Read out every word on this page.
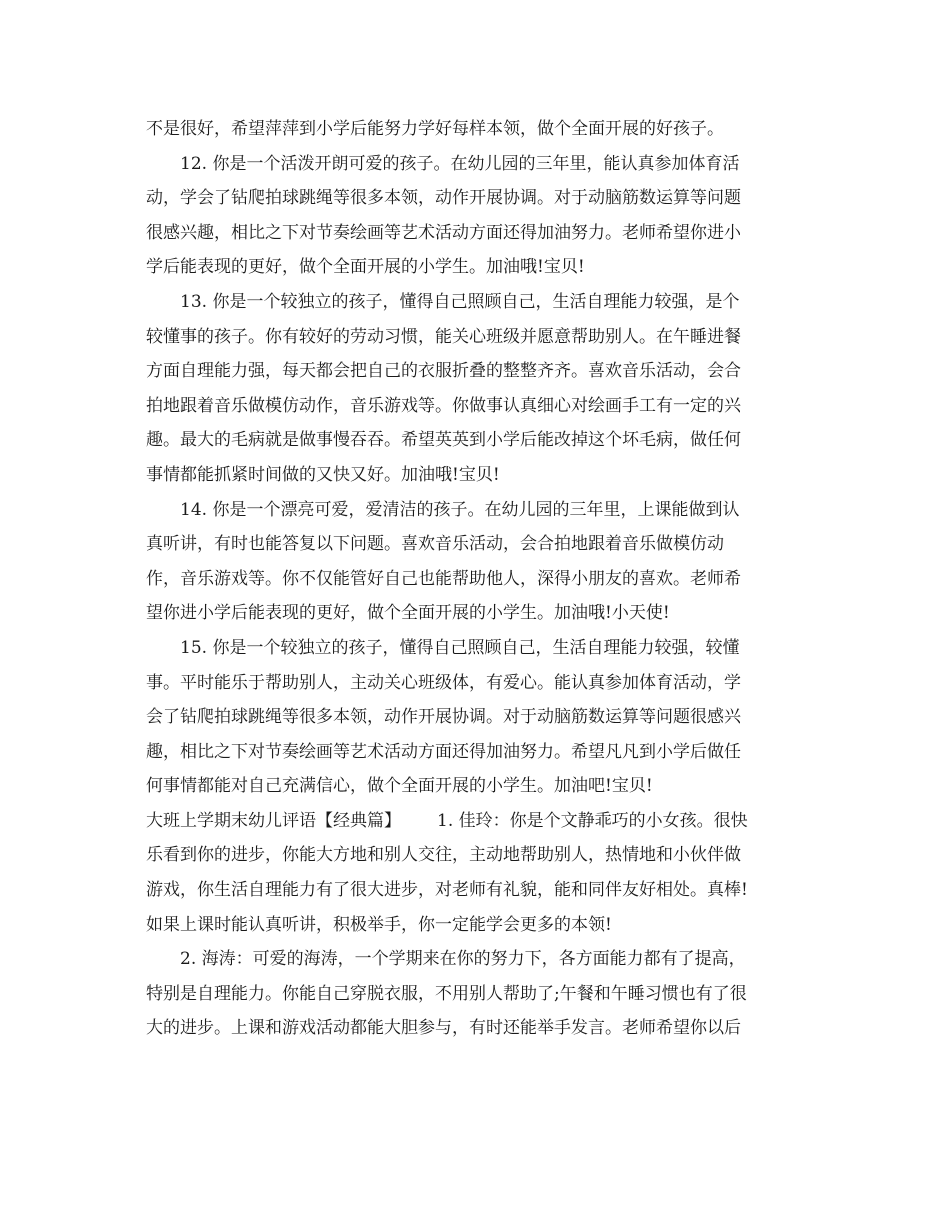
不是很好，希望萍萍到小学后能努力学好每样本领，做个全面开展的好孩子。
12. 你是一个活泼开朗可爱的孩子。在幼儿园的三年里，能认真参加体育活
动，学会了钻爬拍球跳绳等很多本领，动作开展协调。对于动脑筋数运算等问题
很感兴趣，相比之下对节奏绘画等艺术活动方面还得加油努力。老师希望你进小
学后能表现的更好，做个全面开展的小学生。加油哦!宝贝!
13. 你是一个较独立的孩子，懂得自己照顾自己，生活自理能力较强，是个
较懂事的孩子。你有较好的劳动习惯，能关心班级并愿意帮助别人。在午睡进餐
方面自理能力强，每天都会把自己的衣服折叠的整整齐齐。喜欢音乐活动，会合
拍地跟着音乐做模仿动作，音乐游戏等。你做事认真细心对绘画手工有一定的兴
趣。最大的毛病就是做事慢吞吞。希望英英到小学后能改掉这个坏毛病，做任何
事情都能抓紧时间做的又快又好。加油哦!宝贝!
14. 你是一个漂亮可爱，爱清洁的孩子。在幼儿园的三年里，上课能做到认
真听讲，有时也能答复以下问题。喜欢音乐活动，会合拍地跟着音乐做模仿动
作，音乐游戏等。你不仅能管好自己也能帮助他人，深得小朋友的喜欢。老师希
望你进小学后能表现的更好，做个全面开展的小学生。加油哦!小天使!
15. 你是一个较独立的孩子，懂得自己照顾自己，生活自理能力较强，较懂
事。平时能乐于帮助别人，主动关心班级体，有爱心。能认真参加体育活动，学
会了钻爬拍球跳绳等很多本领，动作开展协调。对于动脑筋数运算等问题很感兴
趣，相比之下对节奏绘画等艺术活动方面还得加油努力。希望凡凡到小学后做任
何事情都能对自己充满信心，做个全面开展的小学生。加油吧!宝贝!
大班上学期末幼儿评语【经典篇】 1. 佳玲：你是个文静乖巧的小女孩。很快
乐看到你的进步，你能大方地和别人交往，主动地帮助别人，热情地和小伙伴做
游戏，你生活自理能力有了很大进步，对老师有礼貌，能和同伴友好相处。真棒!
如果上课时能认真听讲，积极举手，你一定能学会更多的本领!
2. 海涛：可爱的海涛，一个学期来在你的努力下，各方面能力都有了提高，
特别是自理能力。你能自己穿脱衣服，不用别人帮助了;午餐和午睡习惯也有了很
大的进步。上课和游戏活动都能大胆参与，有时还能举手发言。老师希望你以后
